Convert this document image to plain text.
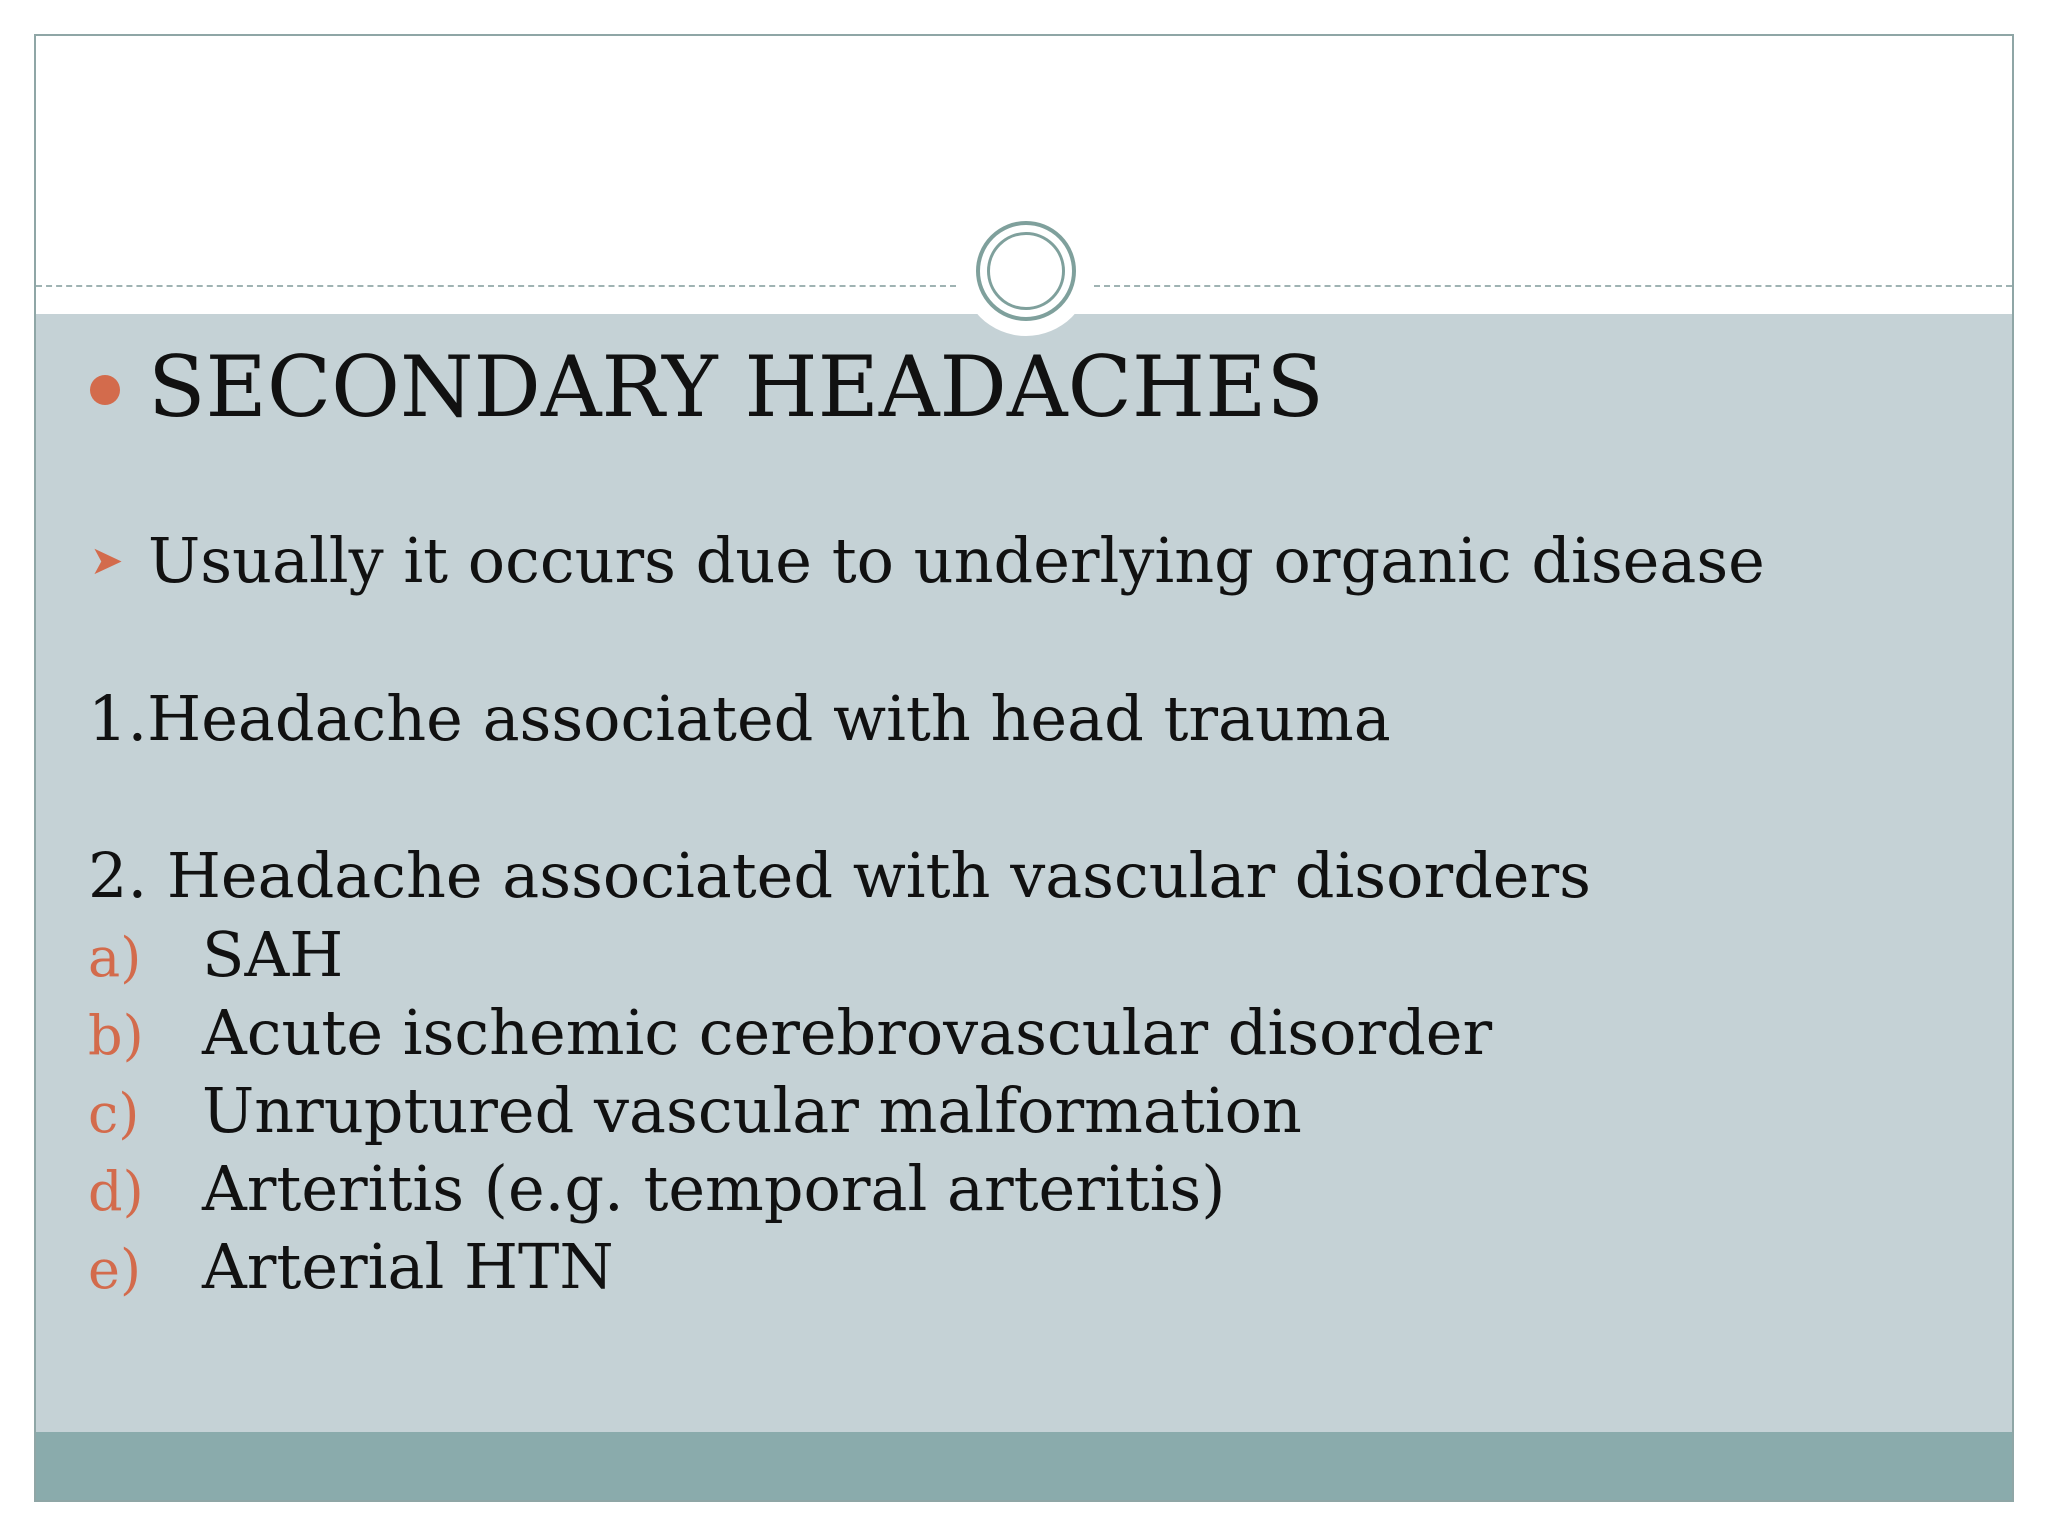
SECONDARY HEADACHES
➤ Usually it occurs due to underlying organic disease
1.Headache associated with head trauma
2. Headache associated with vascular disorders
a) SAH
b) Acute ischemic cerebrovascular disorder
c)	Unruptured vascular malformation
d) Arteritis (e.g. temporal arteritis)
e) Arterial HTN
